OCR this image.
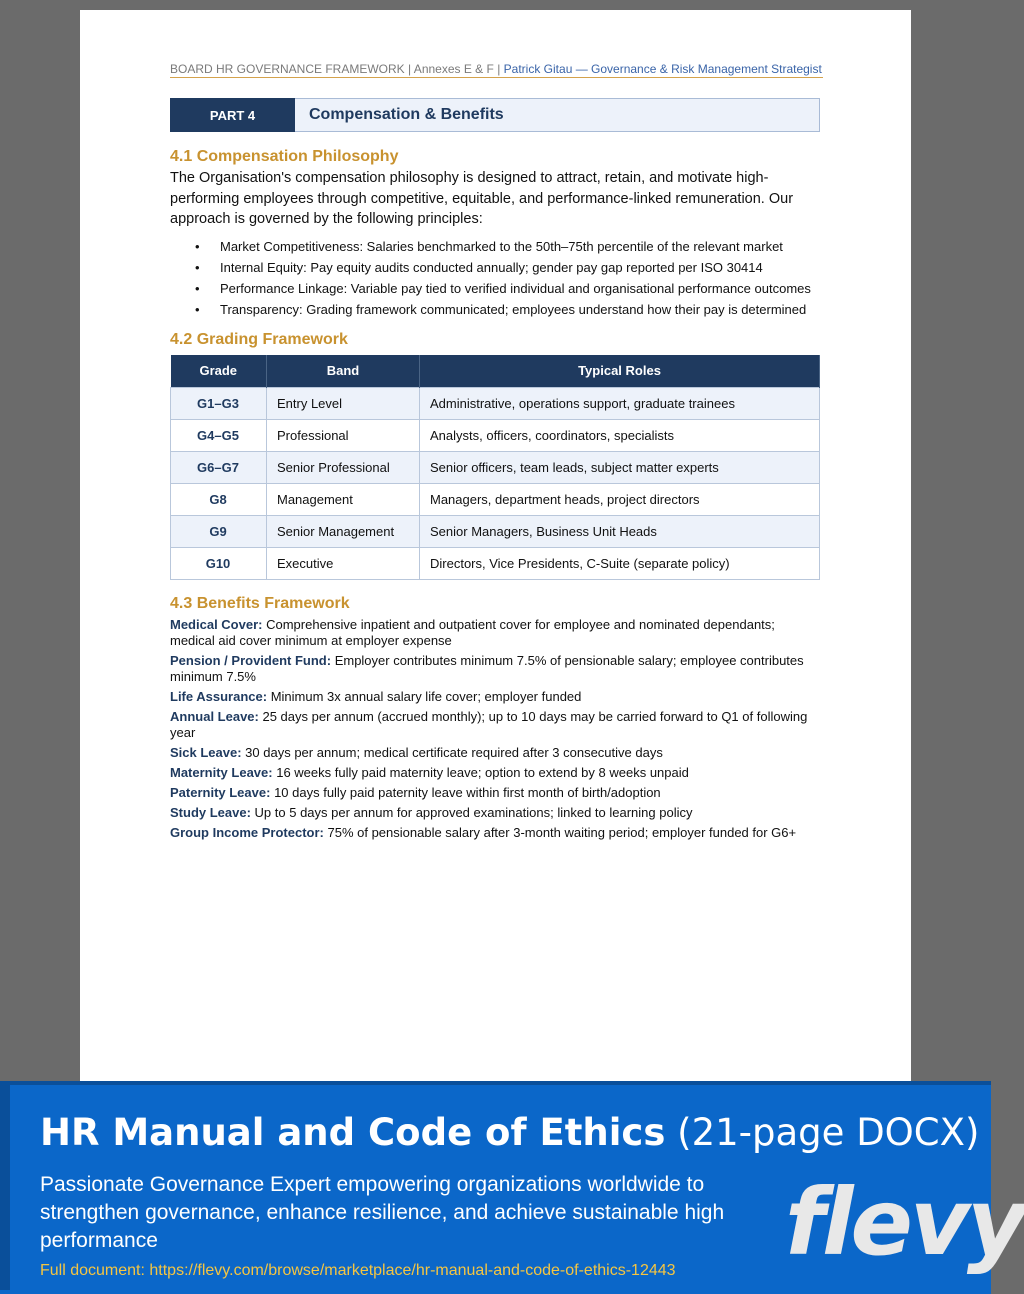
BOARD HR GOVERNANCE FRAMEWORK | Annexes E & F | Patrick Gitau — Governance & Risk Management Strategist
PART 4	Compensation & Benefits
4.1 Compensation Philosophy
The Organisation's compensation philosophy is designed to attract, retain, and motivate high-performing employees through competitive, equitable, and performance-linked remuneration. Our approach is governed by the following principles:
• Market Competitiveness: Salaries benchmarked to the 50th–75th percentile of the relevant market
• Internal Equity: Pay equity audits conducted annually; gender pay gap reported per ISO 30414
• Performance Linkage: Variable pay tied to verified individual and organisational performance outcomes
• Transparency: Grading framework communicated; employees understand how their pay is determined
4.2 Grading Framework
Grade	Band	Typical Roles
G1–G3	Entry Level	Administrative, operations support, graduate trainees
G4–G5	Professional	Analysts, officers, coordinators, specialists
G6–G7	Senior Professional	Senior officers, team leads, subject matter experts
G8	Management	Managers, department heads, project directors
G9	Senior Management	Senior Managers, Business Unit Heads
G10	Executive	Directors, Vice Presidents, C-Suite (separate policy)
4.3 Benefits Framework
Medical Cover: Comprehensive inpatient and outpatient cover for employee and nominated dependants; medical aid cover minimum at employer expense
Pension / Provident Fund: Employer contributes minimum 7.5% of pensionable salary; employee contributes minimum 7.5%
Life Assurance: Minimum 3x annual salary life cover; employer funded
Annual Leave: 25 days per annum (accrued monthly); up to 10 days may be carried forward to Q1 of following year
Sick Leave: 30 days per annum; medical certificate required after 3 consecutive days
Maternity Leave: 16 weeks fully paid maternity leave; option to extend by 8 weeks unpaid
Paternity Leave: 10 days fully paid paternity leave within first month of birth/adoption
Study Leave: Up to 5 days per annum for approved examinations; linked to learning policy
Group Income Protector: 75% of pensionable salary after 3-month waiting period; employer funded for G6+
HR Manual and Code of Ethics (21-page DOCX)
Passionate Governance Expert empowering organizations worldwide to strengthen governance, enhance resilience, and achieve sustainable high performance
Full document: https://flevy.com/browse/marketplace/hr-manual-and-code-of-ethics-12443 flevy
